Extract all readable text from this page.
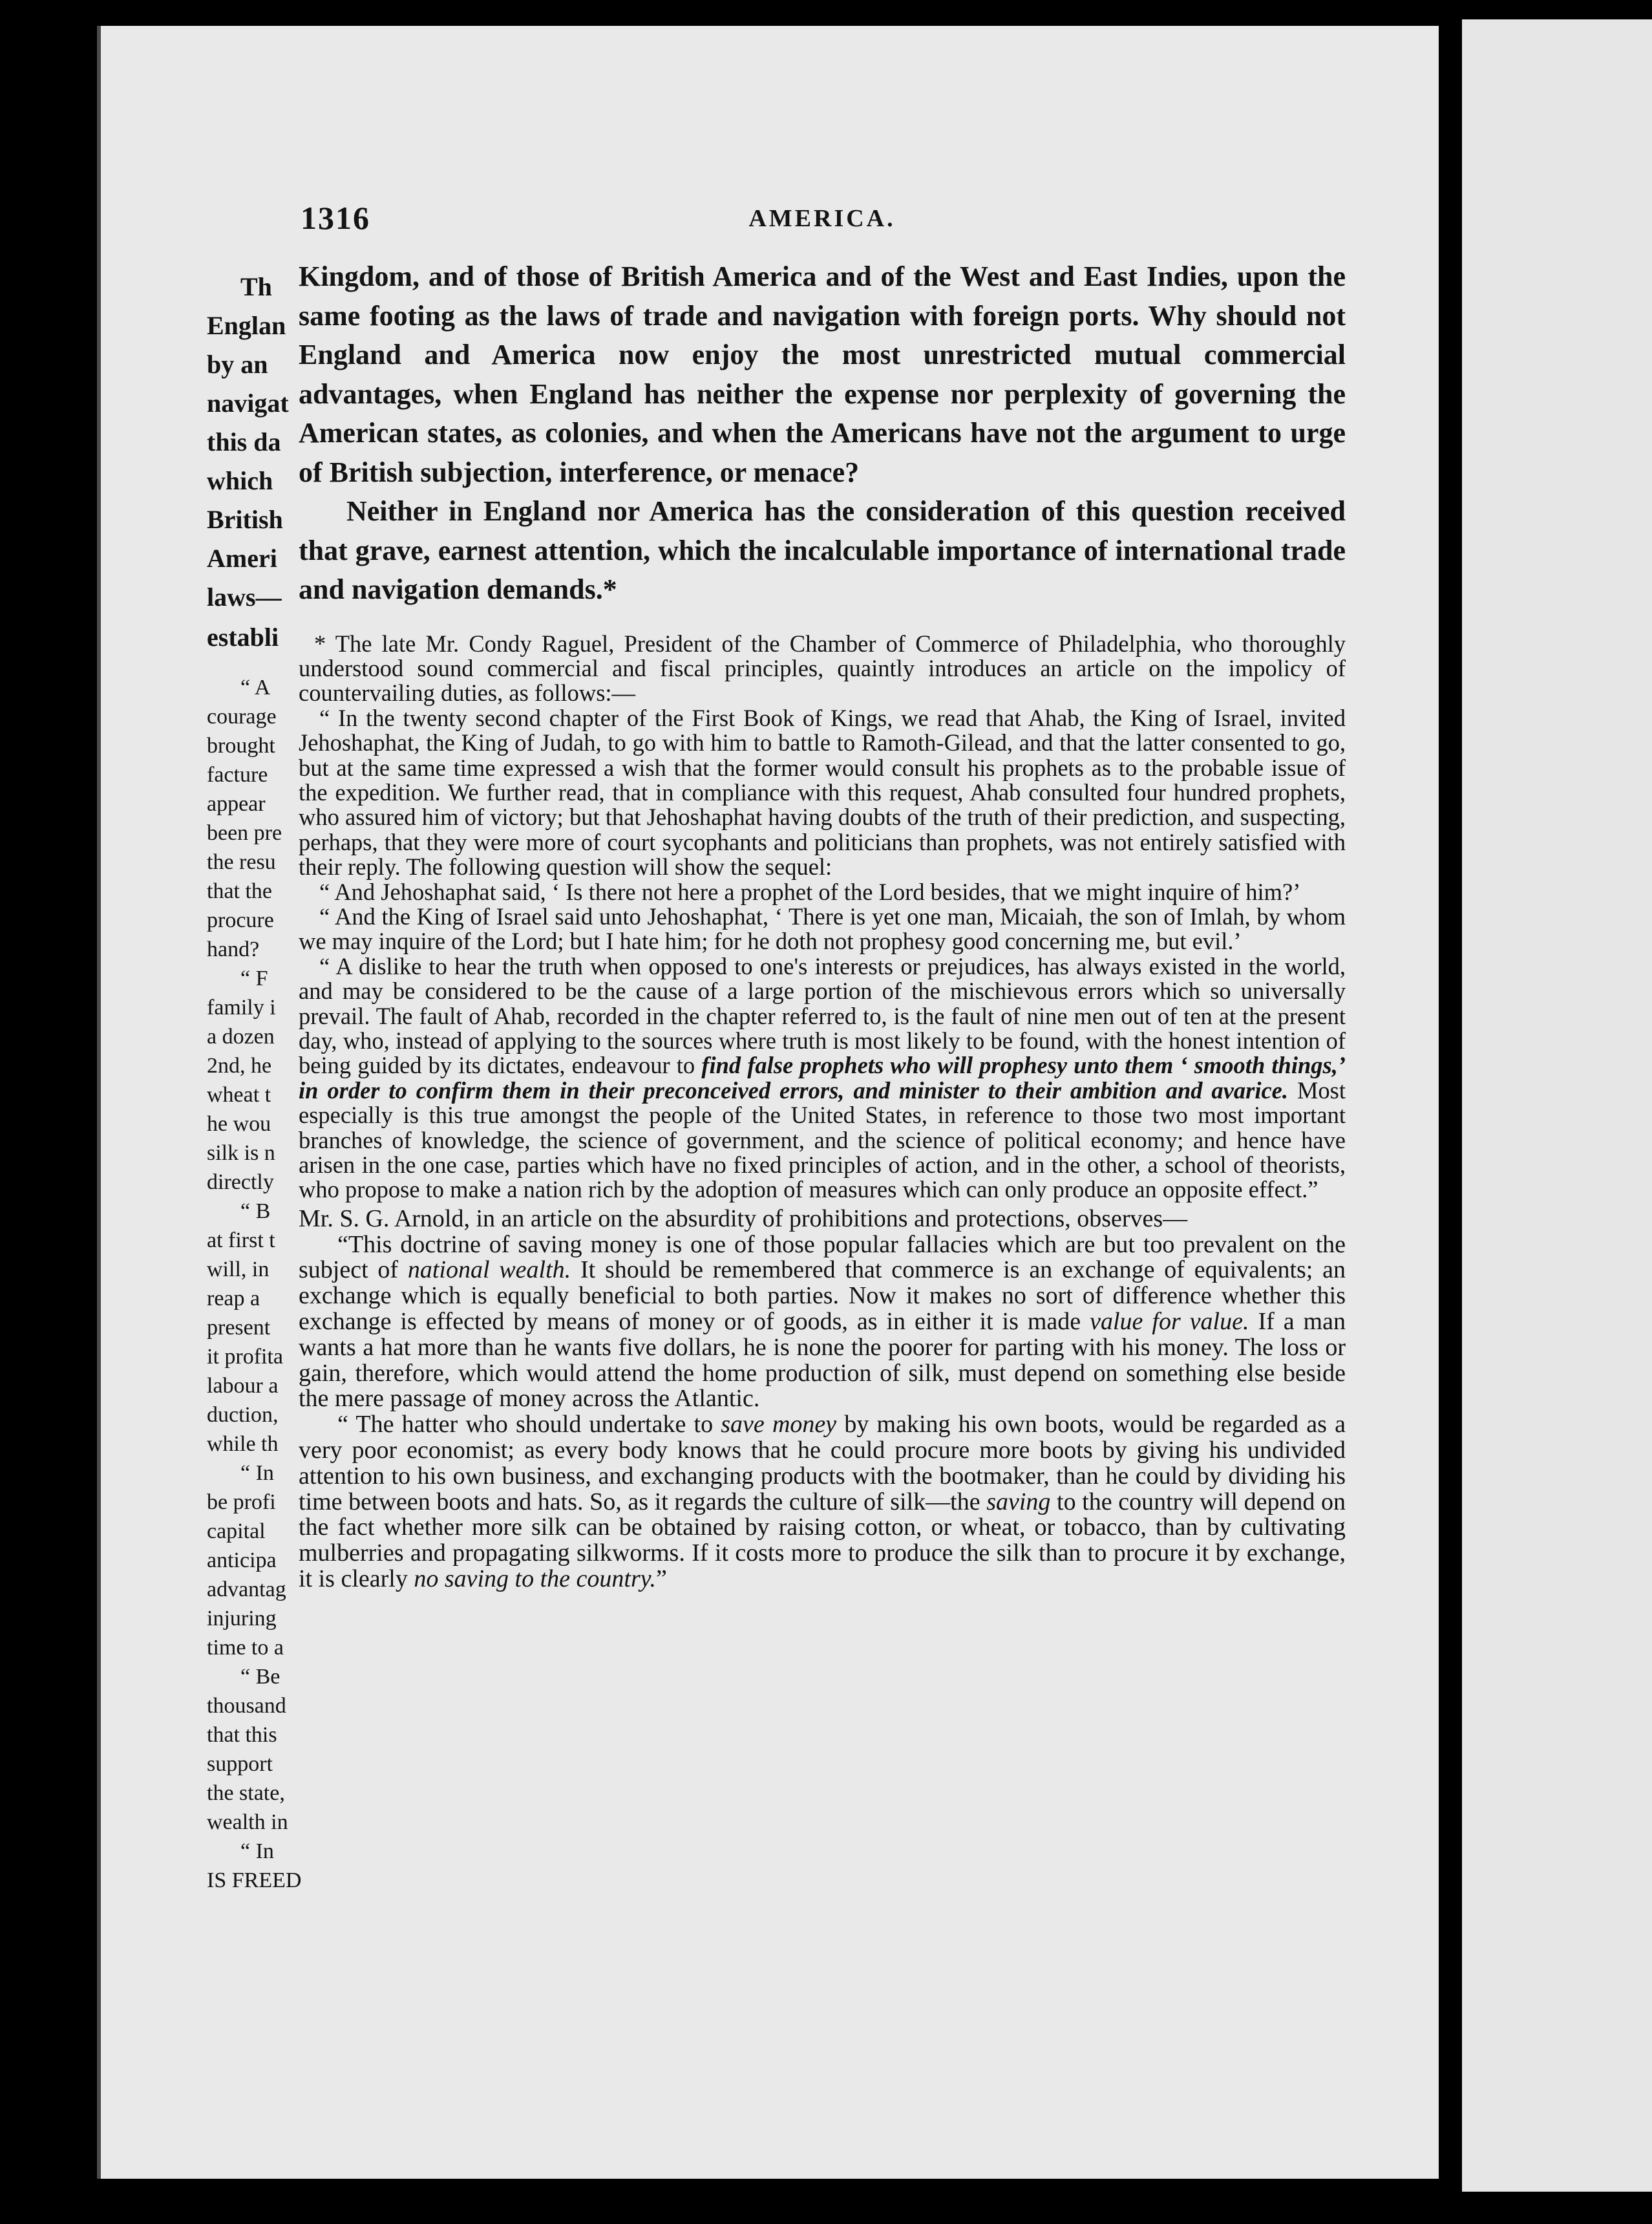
Th
Englan
by an
navigat
this da
which
British
Ameri
laws—
establi
“ A
courage
brought
facture
appear
been pre
the resu
that the
procure
hand?
“ F
family i
a dozen
2nd, he
wheat t
he wou
silk is n
directly
“ B
at first t
will, in
reap a
present
it profita
labour a
duction,
while th
“ In
be profi
capital
anticipa
advantag
injuring
time to a
“ Be
thousand
that this
support
the state,
wealth in
“ In
IS FREED
1316	AMERICA.

Kingdom, and of those of British America and of the West and East Indies, upon the same footing as the laws of trade and navigation with foreign ports. Why should not England and America now enjoy the most unrestricted mutual commercial advantages, when England has neither the expense nor perplexity of governing the American states, as colonies, and when the Americans have not the argument to urge of British subjection, interference, or menace?

Neither in England nor America has the consideration of this question received that grave, earnest attention, which the incalculable importance of international trade and navigation demands.*

* The late Mr. Condy Raguel, President of the Chamber of Commerce of Philadelphia, who thoroughly understood sound commercial and fiscal principles, quaintly introduces an article on the impolicy of countervailing duties, as follows:—

“ In the twenty second chapter of the First Book of Kings, we read that Ahab, the King of Israel, invited Jehoshaphat, the King of Judah, to go with him to battle to Ramoth-Gilead, and that the latter consented to go, but at the same time expressed a wish that the former would consult his prophets as to the probable issue of the expedition. We further read, that in compliance with this request, Ahab consulted four hundred prophets, who assured him of victory; but that Jehoshaphat having doubts of the truth of their prediction, and suspecting, perhaps, that they were more of court sycophants and politicians than prophets, was not entirely satisfied with their reply. The following question will show the sequel:

“ And Jehoshaphat said, ‘ Is there not here a prophet of the Lord besides, that we might inquire of him?’

“ And the King of Israel said unto Jehoshaphat, ‘ There is yet one man, Micaiah, the son of Imlah, by whom we may inquire of the Lord; but I hate him; for he doth not prophesy good concerning me, but evil.’

“ A dislike to hear the truth when opposed to one's interests or prejudices, has always existed in the world, and may be considered to be the cause of a large portion of the mischievous errors which so universally prevail. The fault of Ahab, recorded in the chapter referred to, is the fault of nine men out of ten at the present day, who, instead of applying to the sources where truth is most likely to be found, with the honest intention of being guided by its dictates, endeavour to find false prophets who will prophesy unto them ‘ smooth things,’ in order to confirm them in their preconceived errors, and minister to their ambition and avarice. Most especially is this true amongst the people of the United States, in reference to those two most important branches of knowledge, the science of government, and the science of political economy; and hence have arisen in the one case, parties which have no fixed principles of action, and in the other, a school of theorists, who propose to make a nation rich by the adoption of measures which can only produce an opposite effect.”

Mr. S. G. Arnold, in an article on the absurdity of prohibitions and protections, observes—

“This doctrine of saving money is one of those popular fallacies which are but too prevalent on the subject of national wealth. It should be remembered that commerce is an exchange of equivalents; an exchange which is equally beneficial to both parties. Now it makes no sort of difference whether this exchange is effected by means of money or of goods, as in either it is made value for value. If a man wants a hat more than he wants five dollars, he is none the poorer for parting with his money. The loss or gain, therefore, which would attend the home production of silk, must depend on something else beside the mere passage of money across the Atlantic.

“ The hatter who should undertake to save money by making his own boots, would be regarded as a very poor economist; as every body knows that he could procure more boots by giving his undivided attention to his own business, and exchanging products with the bootmaker, than he could by dividing his time between boots and hats. So, as it regards the culture of silk—the saving to the country will depend on the fact whether more silk can be obtained by raising cotton, or wheat, or tobacco, than by cultivating mulberries and propagating silkworms. If it costs more to produce the silk than to procure it by exchange, it is clearly no saving to the country.”
